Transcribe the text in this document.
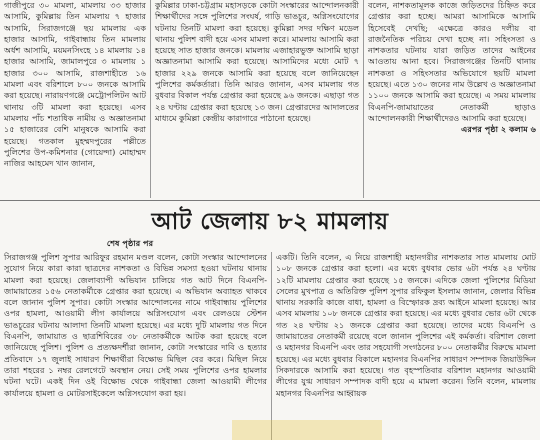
গাজীপুরে ৩০ মামলা, মামলায় ৩৩ হাজার আসামি, কুমিল্লায় তিন মামলায় ৭ হাজার আসামি, সিরাজগঞ্জে ছয় মামলায় এক হাজার আসামি, গাইবান্ধায় তিন মামলায় অর্ধশ আসামি, ময়মনসিংহে ১৪ মামলায় ১৪ হাজার আসামি, জামালপুরে ৩ মামলায় ১ হাজার ৩০০ আসামি, রাজশাহীতে ১৬ মামলা এবং বরিশালে ৮০০ জনকে আসামি করা হয়েছে। নারায়ণগঞ্জে মেট্রোপলিটন আট থানায় ৩টি মামলা করা হয়েছে। এসব মামলায় পাঁচ শতাধিক নামীয় ও অজ্ঞাতনামা ১৫ হাজারের বেশি মানুষকে আসামি করা হয়েছে। গতকাল মুহম্মদপুরের পল্লীতে পুলিশের উপ-কমিশনার (গোয়েন্দা) মোহাম্মদ নাজির আহমেদ খান জানান,

কুমিল্লার ঢাকা-চট্টগ্রাম মহাসড়কে কোটা সংস্কারের আন্দোলনকারী শিক্ষার্থীদের সঙ্গে পুলিশের সংঘর্ষ, গাড়ি ভাঙচুর, অগ্নিসংযোগের ঘটনায় তিনটি মামলা করা হয়েছে। কুমিল্লা সদর দক্ষিণ মডেল থানায় পুলিশ বাদী হয়ে এসব মামলা করে। মামলায় আসামি করা হয়েছে সাত হাজার জনকে। মামলায় এজাহারভুক্ত আসামি ছাড়া অজ্ঞাতনামা আসামি করা হয়েছে। আসামিদের মধ্যে মোট ৭ হাজার ২২৯ জনকে আসামি করা হয়েছে বলে জানিয়েছেন পুলিশের কর্মকর্তারা। তিনি আরও জানান, এসব মামলায় গত বুধবার বিকাল পর্যন্ত গ্রেপ্তার করা হয়েছে ৯৬ জনকে। এছাড়া গত ২৪ ঘণ্টায় গ্রেপ্তার করা হয়েছে ১৩ জন। গ্রেপ্তারদের আদালতের মাধ্যমে কুমিল্লা কেন্দ্রীয় কারাগারে পাঠানো হয়েছে।

বলেন, নাশকতামূলক কাজে জড়িতদের চিহ্নিত করে গ্রেপ্তার করা হচ্ছে। আমরা আসামিকে আসামি হিসেবেই দেখছি; এক্ষেত্রে কারও দলীয় বা রাজনৈতিক পরিচয় দেখা হচ্ছে না। সহিংসতা ও নাশকতার ঘটনায় যারা জড়িত তাদের আইনের আওতায় আনা হবে। সিরাজগঞ্জের তিনটি থানায় নাশকতা ও সহিংসতার অভিযোগে ছয়টি মামলা হয়েছে। এতে ১৩০ জনের নাম উল্লেখ ও অজ্ঞাতনামা ১১০০ জনকে আসামি করা হয়েছে। এ সময় মামলায় বিএনপি-জামায়াতের নেতাকর্মী ছাড়াও আন্দোলনকারী শিক্ষার্থীদেরও আসামি করা হয়েছে।

এরপর পৃষ্ঠা ২ কলাম ৬

আট জেলায় ৮২ মামলায়
শেষ পৃষ্ঠার পর

সিরাজগঞ্জ পুলিশ সুপার আরিফুর রহমান মণ্ডল বলেন, কোটা সংস্কার আন্দোলনের সুযোগ নিয়ে কারা কারা ছাত্রদের নাশকতা ও বিভিন্ন সমস্যা হওয়া ঘটনায় থানায় মামলা করা হয়েছে। জেলাব্যাপী অভিযান চালিয়ে গত আট দিনে বিএনপি-জামায়াতের ১৫৬ নেতাকর্মীকে গ্রেপ্তার করা হয়েছে। এ অভিযান অব্যাহত থাকবে বলে জানান পুলিশ সুপার। কোটা সংস্কার আন্দোলনের নামে গাইবান্ধায় পুলিশের ওপর হামলা, আওয়ামী লীগ কার্যালয়ে অগ্নিসংযোগ এবং রেলওয়ে স্টেশন ভাঙচুরের ঘটনায় আলাদা তিনটি মামলা হয়েছে। এর মধ্যে দুটি মামলায় গত দিনে বিএনপি, জামায়াত ও ছাত্রশিবিরের ৩৮ নেতাকর্মীকে আটক করা হয়েছে বলে জানিয়েছে পুলিশ। পুলিশ ও প্রত্যক্ষদর্শীরা জানান, কোটা সংস্কারের দাবি ও হত্যার প্রতিবাদে ১৭ জুলাই সাধারণ শিক্ষার্থীরা বিক্ষোভ মিছিল বের করে। মিছিল নিয়ে তারা শহরের ১ নম্বর রেলগেটে অবস্থান নেয়। সেই সময় পুলিশের ওপর হামলার ঘটনা ঘটে। একই দিন ওই বিক্ষোভ থেকে গাইবান্ধা জেলা আওয়ামী লীগের কার্যালয়ে হামলা ও মোটরসাইকেলে অগ্নিসংযোগ করা হয়।

একটি। তিনি বলেন, এ নিয়ে রাজশাহী মহানগরীর নাশকতার সাত মামলায় মোট ১০৮ জনকে গ্রেপ্তার করা হলো। এর মধ্যে বুধবার ভোর ৬টা পর্যন্ত ২৪ ঘণ্টায় ১২টি মামলায় গ্রেপ্তার করা হয়েছে ১৫ জনকে। এদিকে জেলা পুলিশের মিডিয়া সেলের মুখপাত্র ও অতিরিক্ত পুলিশ সুপার রফিকুল ইসলাম জানান, জেলার বিভিন্ন থানায় সরকারি কাজে বাধা, হামলা ও বিস্ফোরক দ্রব্য আইনে মামলা হয়েছে। আর এসব মামলায় ১০৮ জনকে গ্রেপ্তার করা হয়েছে। এর মধ্যে বুধবার ভোর ৬টা থেকে গত ২৪ ঘণ্টায় ২১ জনকে গ্রেপ্তার করা হয়েছে। তাদের মধ্যে বিএনপি ও জামায়াতের নেতাকর্মী রয়েছে বলে জানান পুলিশের এই কর্মকর্তা। বরিশাল জেলা ও মহানগর বিএনপি এবং তার সহযোগী সংগঠনের ৮০০ নেতাকর্মীর বিরুদ্ধে মামলা হয়েছে। এর মধ্যে বুধবার বিকালে মহানগর বিএনপির সাধারণ সম্পাদক জিয়াউদ্দিন সিকদারকে আসামি করা হয়েছে। গত বৃহস্পতিবার বরিশাল মহানগর আওয়ামী লীগের যুগ্ম সাধারণ সম্পাদক বাদী হয়ে এ মামলা করেন। তিনি বলেন, মামলায় মহানগর বিএনপির আহ্বায়ক
